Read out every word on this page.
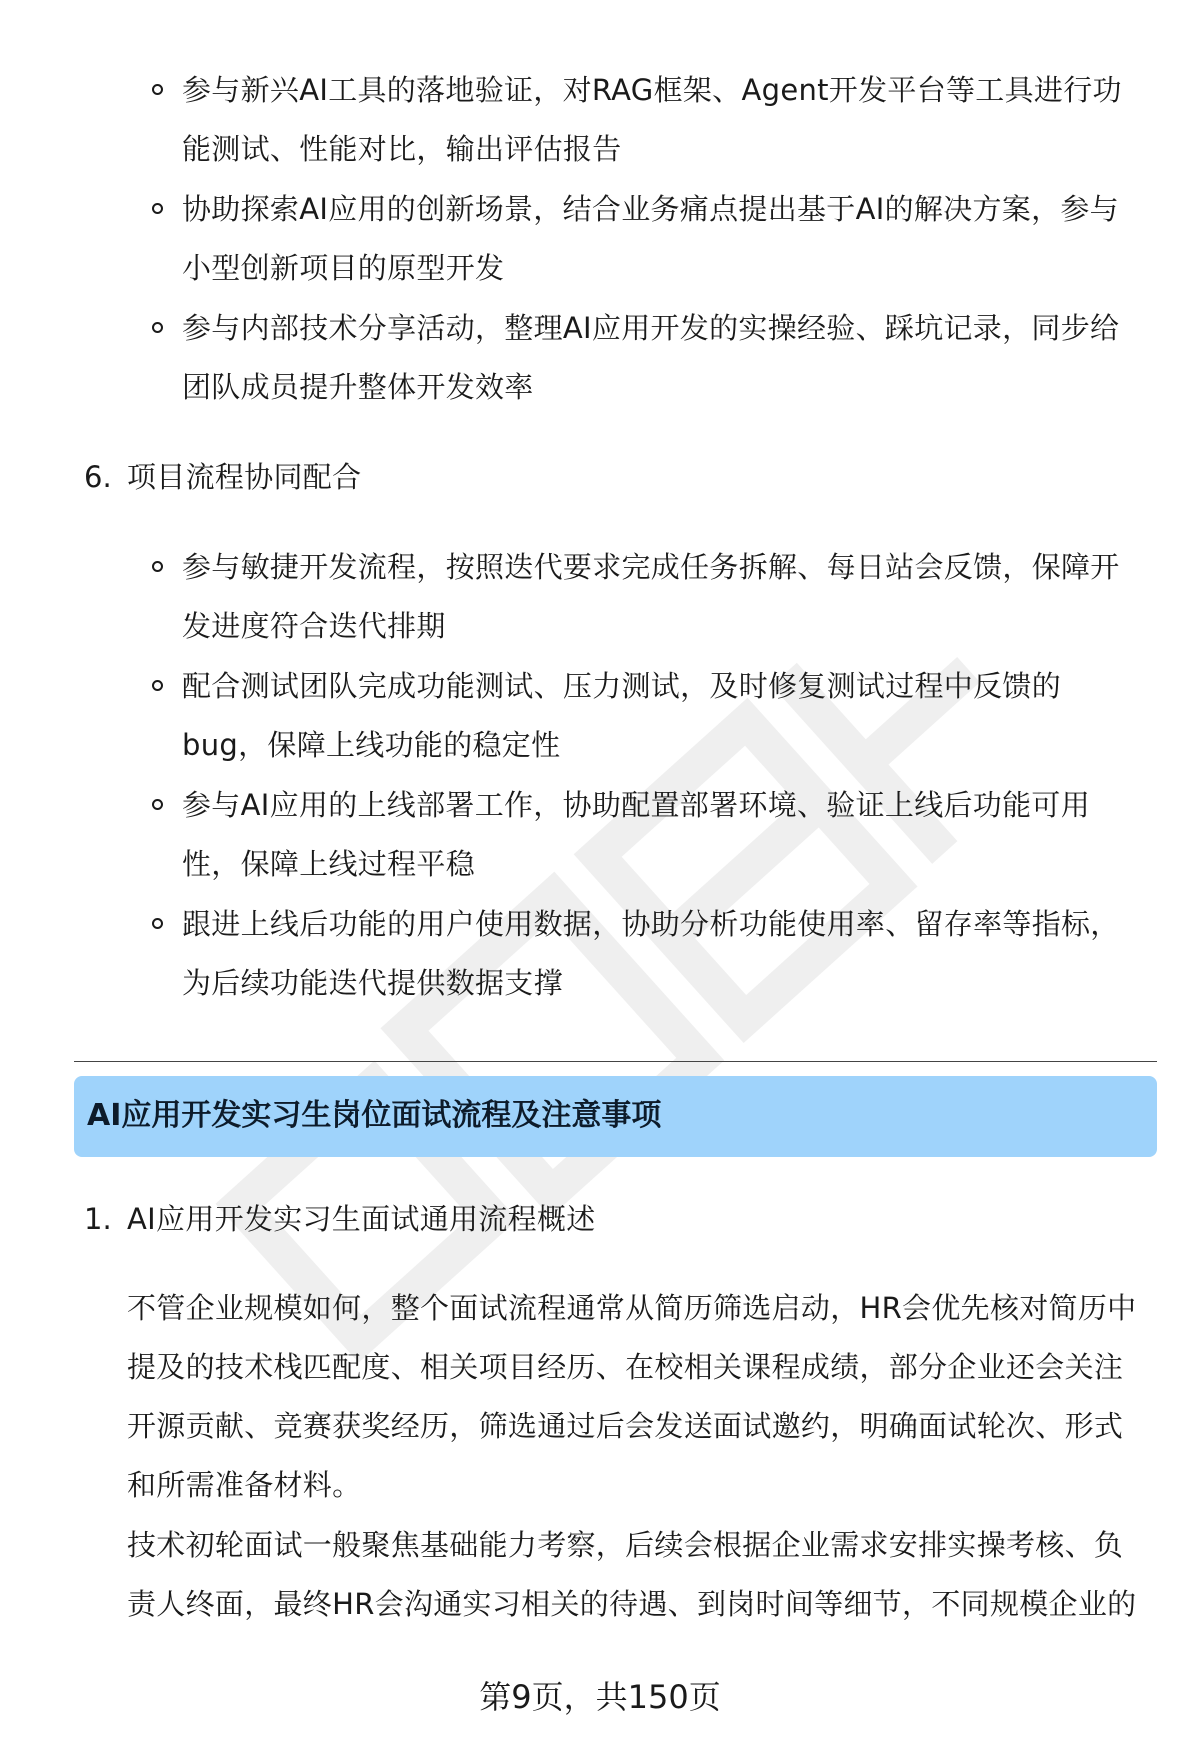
参与新兴AI工具的落地验证，对RAG框架、Agent开发平台等工具进行功
能测试、性能对比，输出评估报告
协助探索AI应用的创新场景，结合业务痛点提出基于AI的解决方案，参与
小型创新项目的原型开发
参与内部技术分享活动，整理AI应用开发的实操经验、踩坑记录，同步给
团队成员提升整体开发效率
6. 项目流程协同配合
参与敏捷开发流程，按照迭代要求完成任务拆解、每日站会反馈，保障开
发进度符合迭代排期
配合测试团队完成功能测试、压力测试，及时修复测试过程中反馈的
bug，保障上线功能的稳定性
参与AI应用的上线部署工作，协助配置部署环境、验证上线后功能可用
性，保障上线过程平稳
跟进上线后功能的用户使用数据，协助分析功能使用率、留存率等指标，
为后续功能迭代提供数据支撑
AI应用开发实习生岗位面试流程及注意事项
1. AI应用开发实习生面试通用流程概述
不管企业规模如何，整个面试流程通常从简历筛选启动，HR会优先核对简历中
提及的技术栈匹配度、相关项目经历、在校相关课程成绩，部分企业还会关注
开源贡献、竞赛获奖经历，筛选通过后会发送面试邀约，明确面试轮次、形式
和所需准备材料。
技术初轮面试一般聚焦基础能力考察，后续会根据企业需求安排实操考核、负
责人终面，最终HR会沟通实习相关的待遇、到岗时间等细节，不同规模企业的
第9页，共150页
